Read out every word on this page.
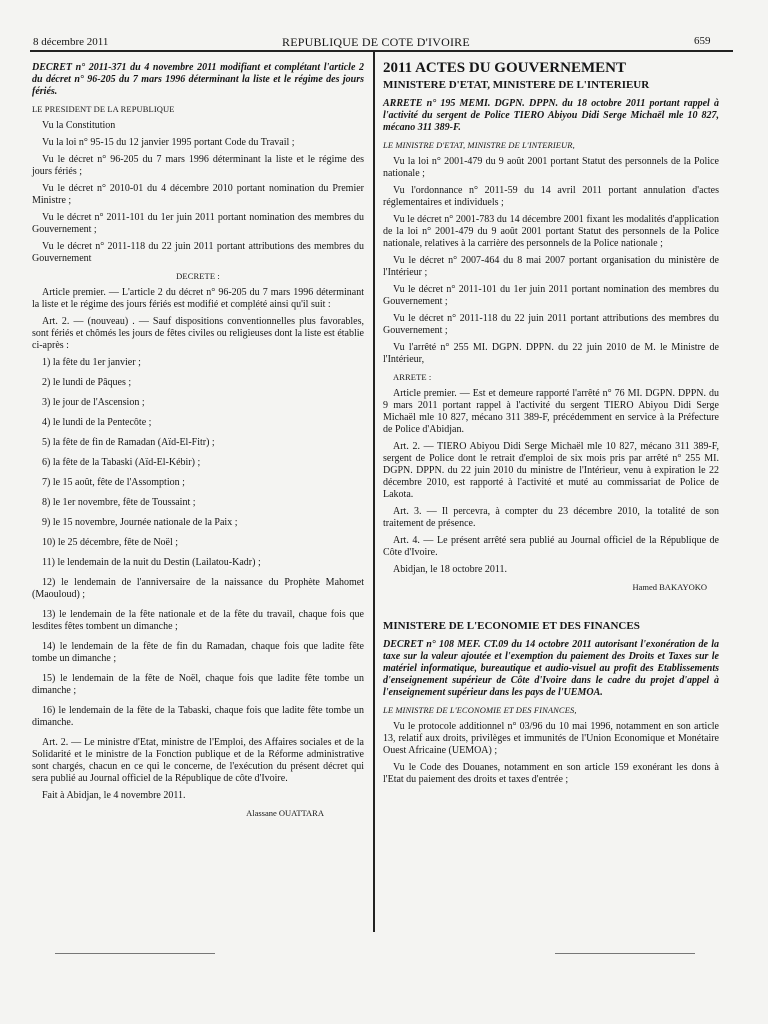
8 décembre 2011	REPUBLIQUE DE COTE D'IVOIRE	659

DECRET n° 2011-371 du 4 novembre 2011 modifiant et complétant l'article 2 du décret n° 96-205 du 7 mars 1996 déterminant la liste et le régime des jours fériés.

LE PRESIDENT DE LA REPUBLIQUE

Vu la Constitution

Vu la loi n° 95-15 du 12 janvier 1995 portant Code du Travail ;

Vu le décret n° 96-205 du 7 mars 1996 déterminant la liste et le régime des jours fériés ;

Vu le décret n° 2010-01 du 4 décembre 2010 portant nomination du Premier Ministre ;

Vu le décret n° 2011-101 du 1er juin 2011 portant nomination des membres du Gouvernement ;

Vu le décret n° 2011-118 du 22 juin 2011 portant attributions des membres du Gouvernement

DECRETE :

Article premier. — L'article 2 du décret n° 96-205 du 7 mars 1996 déterminant la liste et le régime des jours fériés est modifié et complété ainsi qu'il suit :

Art. 2. — (nouveau) . — Sauf dispositions conventionnelles plus favorables, sont fériés et chômés les jours de fêtes civiles ou religieuses dont la liste est établie ci-après :

1) la fête du 1er janvier ;

2) le lundi de Pâques ;

3) le jour de l'Ascension ;

4) le lundi de la Pentecôte ;

5) la fête de fin de Ramadan (Aïd-El-Fitr) ;

6) la fête de la Tabaski (Aïd-El-Kébir) ;

7) le 15 août, fête de l'Assomption ;

8) le 1er novembre, fête de Toussaint ;

9) le 15 novembre, Journée nationale de la Paix ;

10) le 25 décembre, fête de Noël ;

11) le lendemain de la nuit du Destin (Lailatou-Kadr) ;

12) le lendemain de l'anniversaire de la naissance du Prophète Mahomet (Maouloud) ;

13) le lendemain de la fête nationale et de la fête du travail, chaque fois que lesdites fêtes tombent un dimanche ;

14) le lendemain de la fête de fin du Ramadan, chaque fois que ladite fête tombe un dimanche ;

15) le lendemain de la fête de Noël, chaque fois que ladite fête tombe un dimanche ;

16) le lendemain de la fête de la Tabaski, chaque fois que ladite fête tombe un dimanche.

Art. 2. — Le ministre d'Etat, ministre de l'Emploi, des Affaires sociales et de la Solidarité et le ministre de la Fonction publique et de la Réforme administrative sont chargés, chacun en ce qui le concerne, de l'exécution du présent décret qui sera publié au Journal officiel de la République de côte d'Ivoire.

Fait à Abidjan, le 4 novembre 2011.

Alassane OUATTARA

2011 ACTES DU GOUVERNEMENT

MINISTERE D'ETAT, MINISTERE DE L'INTERIEUR

ARRETE n° 195 MEMI. DGPN. DPPN. du 18 octobre 2011 portant rappel à l'activité du sergent de Police TIERO Abiyou Didi Serge Michaël mle 10 827, mécano 311 389-F.

LE MINISTRE D'ETAT, MINISTRE DE L'INTERIEUR,

Vu la loi n° 2001-479 du 9 août 2001 portant Statut des personnels de la Police nationale ;

Vu l'ordonnance n° 2011-59 du 14 avril 2011 portant annulation d'actes réglementaires et individuels ;

Vu le décret n° 2001-783 du 14 décembre 2001 fixant les modalités d'application de la loi n° 2001-479 du 9 août 2001 portant Statut des personnels de la Police nationale, relatives à la carrière des personnels de la Police nationale ;

Vu le décret n° 2007-464 du 8 mai 2007 portant organisation du ministère de l'Intérieur ;

Vu le décret n° 2011-101 du 1er juin 2011 portant nomination des membres du Gouvernement ;

Vu le décret n° 2011-118 du 22 juin 2011 portant attributions des membres du Gouvernement ;

Vu l'arrêté n° 255 MI. DGPN. DPPN. du 22 juin 2010 de M. le Ministre de l'Intérieur,

ARRETE :

Article premier. — Est et demeure rapporté l'arrêté n° 76 MI. DGPN. DPPN. du 9 mars 2011 portant rappel à l'activité du sergent TIERO Abiyou Didi Serge Michaël mle 10 827, mécano 311 389-F, précédemment en service à la Préfecture de Police d'Abidjan.

Art. 2. — TIERO Abiyou Didi Serge Michaël mle 10 827, mécano 311 389-F, sergent de Police dont le retrait d'emploi de six mois pris par arrêté n° 255 MI. DGPN. DPPN. du 22 juin 2010 du ministre de l'Intérieur, venu à expiration le 22 décembre 2010, est rapporté à l'activité et muté au commissariat de Police de Lakota.

Art. 3. — Il percevra, à compter du 23 décembre 2010, la totalité de son traitement de présence.

Art. 4. — Le présent arrêté sera publié au Journal officiel de la République de Côte d'Ivoire.

Abidjan, le 18 octobre 2011.

Hamed BAKAYOKO

MINISTERE DE L'ECONOMIE ET DES FINANCES

DECRET n° 108 MEF. CT.09 du 14 octobre 2011 autorisant l'exonération de la taxe sur la valeur ajoutée et l'exemption du paiement des Droits et Taxes sur le matériel informatique, bureautique et audio-visuel au profit des Etablissements d'enseignement supérieur de Côte d'Ivoire dans le cadre du projet d'appel à l'enseignement supérieur dans les pays de l'UEMOA.

LE MINISTRE DE L'ECONOMIE ET DES FINANCES,

Vu le protocole additionnel n° 03/96 du 10 mai 1996, notamment en son article 13, relatif aux droits, privilèges et immunités de l'Union Economique et Monétaire Ouest Africaine (UEMOA) ;

Vu le Code des Douanes, notamment en son article 159 exonérant les dons à l'Etat du paiement des droits et taxes d'entrée ;
